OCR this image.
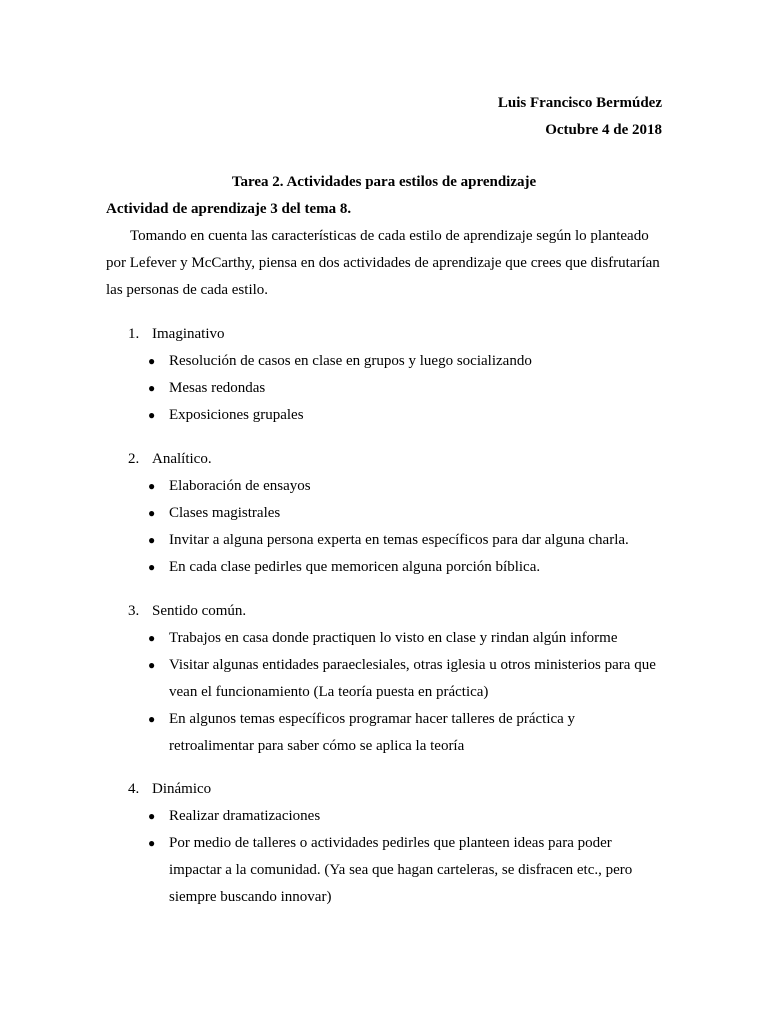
Luis Francisco Bermúdez
Octubre 4 de 2018
Tarea 2. Actividades para estilos de aprendizaje
Actividad de aprendizaje 3 del tema 8.

Tomando en cuenta las características de cada estilo de aprendizaje según lo planteado por Lefever y McCarthy, piensa en dos actividades de aprendizaje que crees que disfrutarían las personas de cada estilo.

1. Imaginativo
● Resolución de casos en clase en grupos y luego socializando
● Mesas redondas
● Exposiciones grupales
2. Analítico.
● Elaboración de ensayos
● Clases magistrales
● Invitar a alguna persona experta en temas específicos para dar alguna charla.
● En cada clase pedirles que memoricen alguna porción bíblica.
3. Sentido común.
● Trabajos en casa donde practiquen lo visto en clase y rindan algún informe
● Visitar algunas entidades paraeclesiales, otras iglesia u otros ministerios para que vean el funcionamiento (La teoría puesta en práctica)
● En algunos temas específicos programar hacer talleres de práctica y retroalimentar para saber cómo se aplica la teoría
4. Dinámico
● Realizar dramatizaciones
● Por medio de talleres o actividades pedirles que planteen ideas para poder impactar a la comunidad. (Ya sea que hagan carteleras, se disfracen etc., pero siempre buscando innovar)
